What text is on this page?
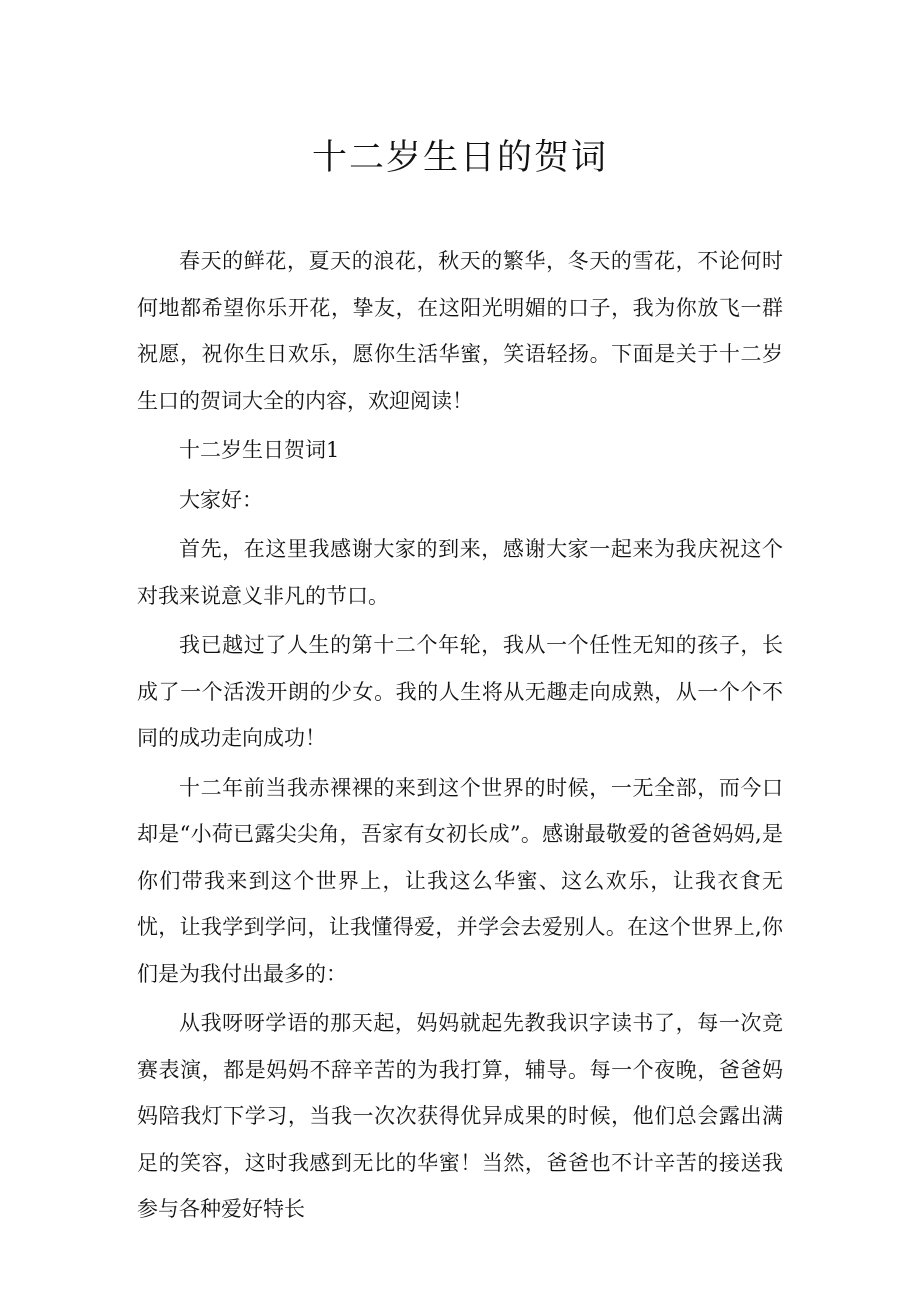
十二岁生日的贺词

春天的鲜花，夏天的浪花，秋天的繁华，冬天的雪花，不论何时何地都希望你乐开花，挚友，在这阳光明媚的口子，我为你放飞一群祝愿，祝你生日欢乐，愿你生活华蜜，笑语轻扬。下面是关于十二岁生口的贺词大全的内容，欢迎阅读！

十二岁生日贺词1

大家好：

首先，在这里我感谢大家的到来，感谢大家一起来为我庆祝这个对我来说意义非凡的节口。

我已越过了人生的第十二个年轮，我从一个任性无知的孩子，长成了一个活泼开朗的少女。我的人生将从无趣走向成熟，从一个个不同的成功走向成功！

十二年前当我赤裸裸的来到这个世界的时候，一无全部，而今口却是“小荷已露尖尖角，吾家有女初长成”。感谢最敬爱的爸爸妈妈,是你们带我来到这个世界上，让我这么华蜜、这么欢乐，让我衣食无忧，让我学到学问，让我懂得爱，并学会去爱别人。在这个世界上,你们是为我付出最多的：

从我呀呀学语的那天起，妈妈就起先教我识字读书了，每一次竞赛表演，都是妈妈不辞辛苦的为我打算，辅导。每一个夜晚，爸爸妈妈陪我灯下学习，当我一次次获得优异成果的时候，他们总会露出满足的笑容，这时我感到无比的华蜜！当然，爸爸也不计辛苦的接送我参与各种爱好特长
